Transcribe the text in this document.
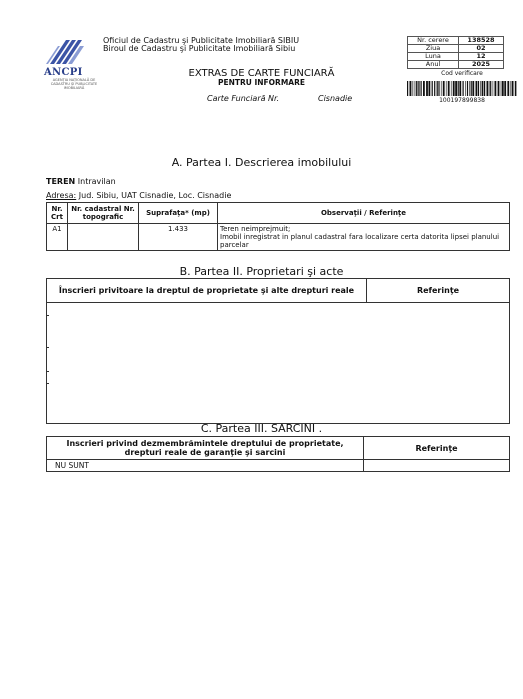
ANCPI
AGENȚIA NAȚIONALĂ DE CADASTRU ȘI PUBLICITATE IMOBILIARĂ
Oficiul de Cadastru şi Publicitate Imobiliară SIBIU
Biroul de Cadastru şi Publicitate Imobiliară Sibiu
EXTRAS DE CARTE FUNCIARĂ
PENTRU INFORMARE
Carte Funciară Nr.	Cisnadie
Nr. cerere	138528
Ziua	02
Luna	12
Anul	2025
Cod verificare
100197899838
A. Partea I. Descrierea imobilului
TEREN Intravilan
Adresa: Jud. Sibiu, UAT Cisnadie, Loc. Cisnadie
Nr. Crt	Nr. cadastral Nr. topografic	Suprafaţa* (mp)	Observaţii / Referinţe
A1		1.433	Teren neimprejmuit;
Imobil inregistrat in planul cadastral fara localizare certa datorita lipsei planului parcelar
B. Partea II. Proprietari şi acte
Înscrieri privitoare la dreptul de proprietate şi alte drepturi reale	Referinţe
C. Partea III. SARCINI .
Inscrieri privind dezmembrămintele dreptului de proprietate, drepturi reale de garanţie şi sarcini	Referinţe
NU SUNT	
